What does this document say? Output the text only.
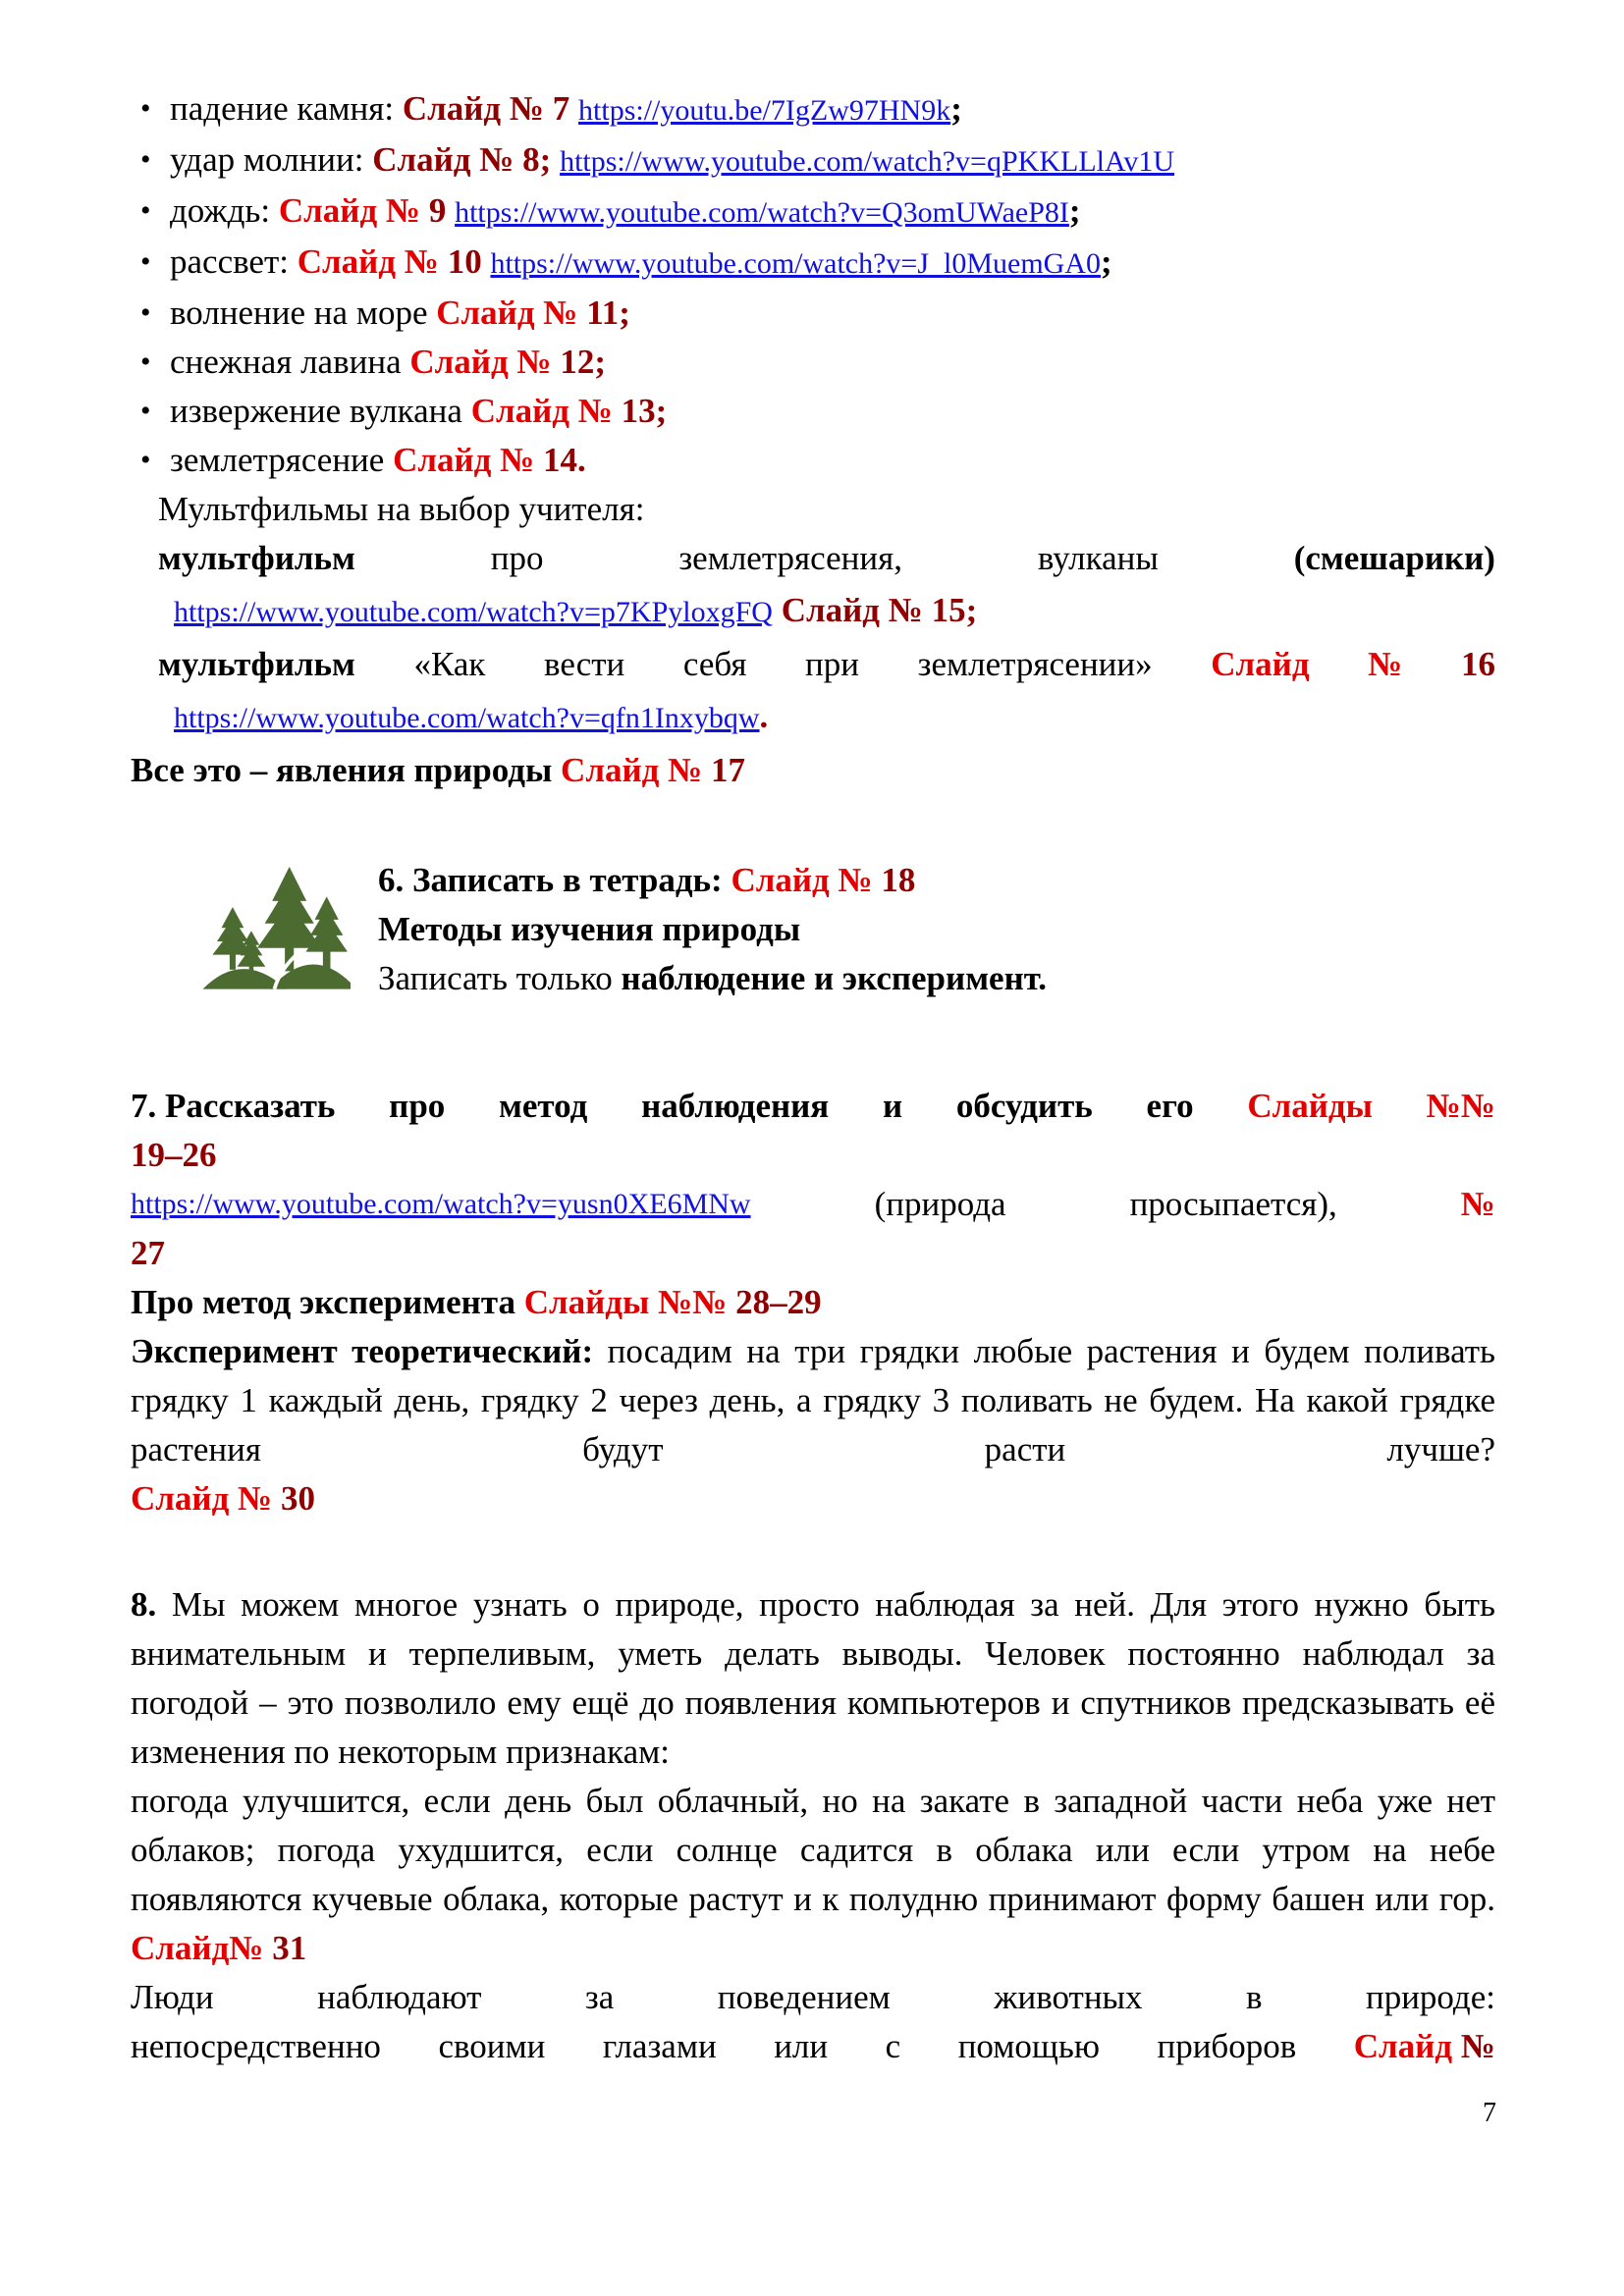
• падение камня: Слайд № 7 https://youtu.be/7IgZw97HN9k;
• удар молнии: Слайд № 8; https://www.youtube.com/watch?v=qPKKLLlAv1U
• дождь: Слайд № 9 https://www.youtube.com/watch?v=Q3omUWaeP8I;
• рассвет: Слайд № 10 https://www.youtube.com/watch?v=J_l0MuemGA0;
• волнение на море Слайд № 11;
• снежная лавина Слайд № 12;
• извержение вулкана Слайд № 13;
• землетрясение Слайд № 14.
Мультфильмы на выбор учителя:
мультфильм	про	землетрясения,	вулканы	(смешарики)
https://www.youtube.com/watch?v=p7KPyloxgFQ Слайд № 15;
мультфильм «Как вести себя при землетрясении» Слайд № 16
https://www.youtube.com/watch?v=qfn1Inxybqw.
Все это – явления природы Слайд № 17
6. Записать в тетрадь: Слайд № 18
Методы изучения природы
Записать только наблюдение и эксперимент.
7. Рассказать про метод наблюдения и обсудить его Слайды №№
19–26
https://www.youtube.com/watch?v=yusn0XE6MNw	(природа	просыпается),	№
27
Про метод эксперимента Слайды №№ 28–29
Эксперимент теоретический: посадим на три грядки любые растения и будем поливать грядку 1 каждый день, грядку 2 через день, а грядку 3 поливать не будем. На какой грядке растения будут расти лучше?
Слайд № 30
8. Мы можем многое узнать о природе, просто наблюдая за ней. Для этого нужно быть внимательным и терпеливым, уметь делать выводы. Человек постоянно наблюдал за погодой – это позволило ему ещё до появления компьютеров и спутников предсказывать её изменения по некоторым признакам:
погода улучшится, если день был облачный, но на закате в западной части неба уже нет облаков; погода ухудшится, если солнце садится в облака или если утром на небе появляются кучевые облака, которые растут и к полудню принимают форму башен или гор. Слайд№ 31
Люди	наблюдают	за	поведением	животных	в	природе:
непосредственно своими глазами или с помощью приборов Слайд №
7
